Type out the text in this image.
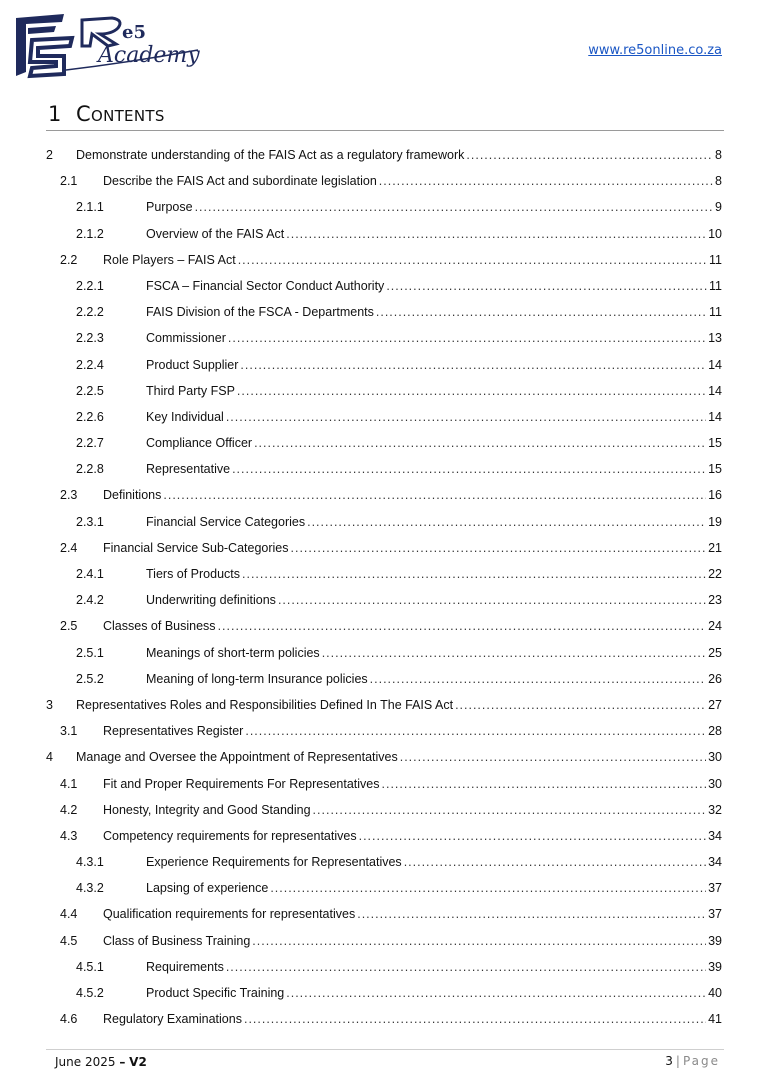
e5
Academy	www.re5online.co.za
1 Contents
2 Demonstrate understanding of the FAIS Act as a regulatory framework .....	8
2.1 Describe the FAIS Act and subordinate legislation .....	8
2.1.1	Purpose .....	9
2.1.2	Overview of the FAIS Act .....	10
2.2 Role Players – FAIS Act .....	11
2.2.1	FSCA – Financial Sector Conduct Authority .....	11
2.2.2	FAIS Division of the FSCA - Departments .....	11
2.2.3	Commissioner .....	13
2.2.4	Product Supplier .....	14
2.2.5	Third Party FSP .....	14
2.2.6	Key Individual .....	14
2.2.7	Compliance Officer .....	15
2.2.8	Representative .....	15
2.3 Definitions .....	16
2.3.1	Financial Service Categories .....	19
2.4 Financial Service Sub-Categories .....	21
2.4.1	Tiers of Products .....	22
2.4.2	Underwriting definitions .....	23
2.5 Classes of Business .....	24
2.5.1	Meanings of short-term policies .....	25
2.5.2	Meaning of long-term Insurance policies .....	26
3 Representatives Roles and Responsibilities Defined In The FAIS Act .....	27
3.1 Representatives Register .....	28
4 Manage and Oversee the Appointment of Representatives .....	30
4.1 Fit and Proper Requirements For Representatives .....	30
4.2 Honesty, Integrity and Good Standing .....	32
4.3 Competency requirements for representatives .....	34
4.3.1	Experience Requirements for Representatives .....	34
4.3.2	Lapsing of experience .....	37
4.4 Qualification requirements for representatives .....	37
4.5 Class of Business Training .....	39
4.5.1	Requirements .....	39
4.5.2	Product Specific Training .....	40
4.6 Regulatory Examinations .....	41
June 2025 – V2	3 | Page
